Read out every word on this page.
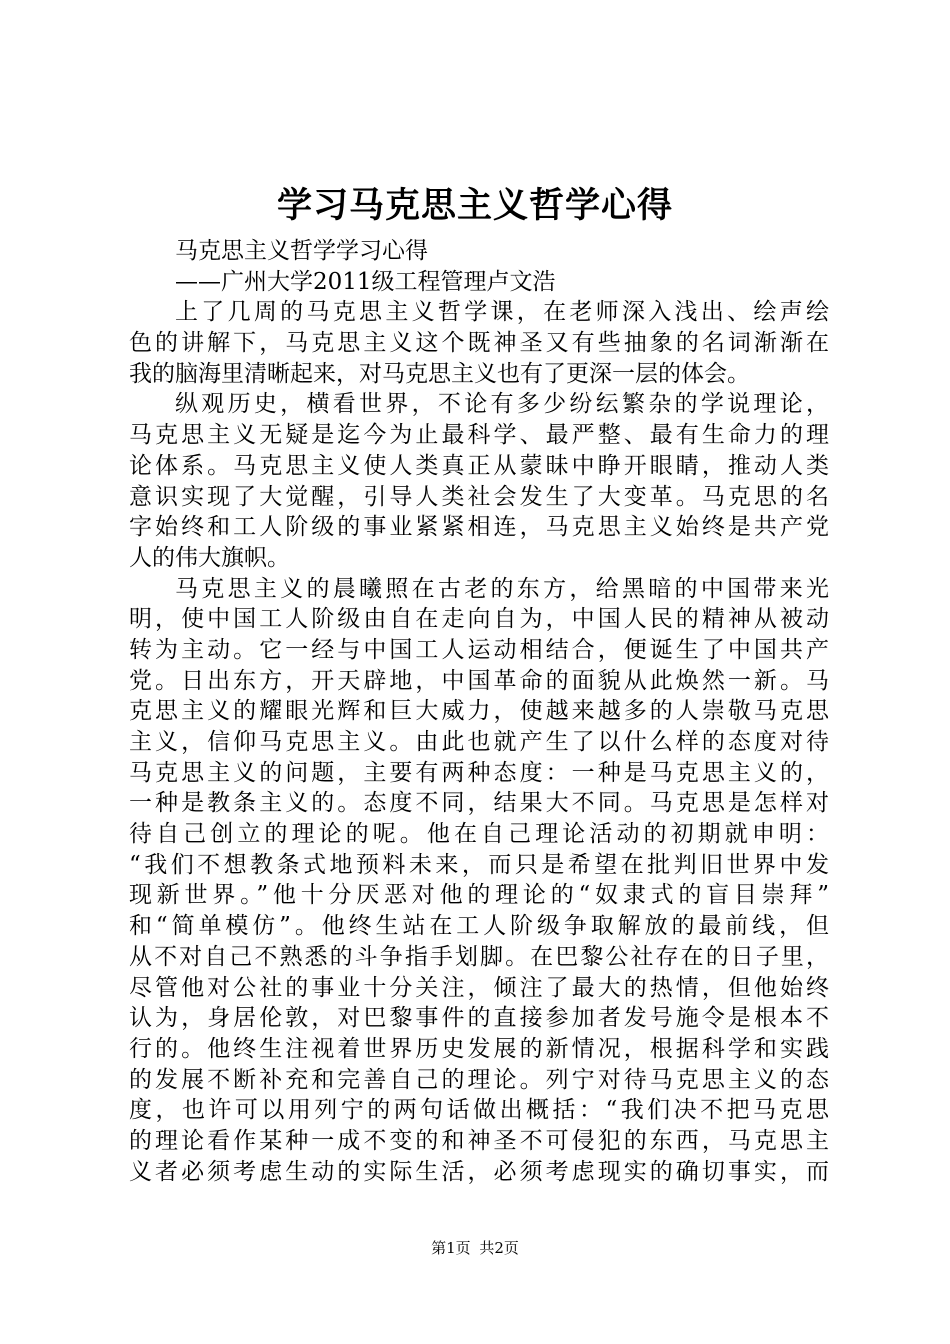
学习马克思主义哲学心得
马克思主义哲学学习心得
——广州大学2011级工程管理卢文浩
上了几周的马克思主义哲学课，在老师深入浅出、绘声绘
色的讲解下，马克思主义这个既神圣又有些抽象的名词渐渐在
我的脑海里清晰起来，对马克思主义也有了更深一层的体会。
纵观历史，横看世界，不论有多少纷纭繁杂的学说理论，
马克思主义无疑是迄今为止最科学、最严整、最有生命力的理
论体系。马克思主义使人类真正从蒙昧中睁开眼睛，推动人类
意识实现了大觉醒，引导人类社会发生了大变革。马克思的名
字始终和工人阶级的事业紧紧相连，马克思主义始终是共产党
人的伟大旗帜。
马克思主义的晨曦照在古老的东方，给黑暗的中国带来光
明，使中国工人阶级由自在走向自为，中国人民的精神从被动
转为主动。它一经与中国工人运动相结合，便诞生了中国共产
党。日出东方，开天辟地，中国革命的面貌从此焕然一新。马
克思主义的耀眼光辉和巨大威力，使越来越多的人崇敬马克思
主义，信仰马克思主义。由此也就产生了以什么样的态度对待
马克思主义的问题，主要有两种态度：一种是马克思主义的，
一种是教条主义的。态度不同，结果大不同。马克思是怎样对
待自己创立的理论的呢。他在自己理论活动的初期就申明：
“我们不想教条式地预料未来，而只是希望在批判旧世界中发
现新世界。”他十分厌恶对他的理论的“奴隶式的盲目崇拜”
和“简单模仿”。他终生站在工人阶级争取解放的最前线，但
从不对自己不熟悉的斗争指手划脚。在巴黎公社存在的日子里，
尽管他对公社的事业十分关注，倾注了最大的热情，但他始终
认为，身居伦敦，对巴黎事件的直接参加者发号施令是根本不
行的。他终生注视着世界历史发展的新情况，根据科学和实践
的发展不断补充和完善自己的理论。列宁对待马克思主义的态
度，也许可以用列宁的两句话做出概括：“我们决不把马克思
的理论看作某种一成不变的和神圣不可侵犯的东西，马克思主
义者必须考虑生动的实际生活，必须考虑现实的确切事实，而
第1页 共2页
